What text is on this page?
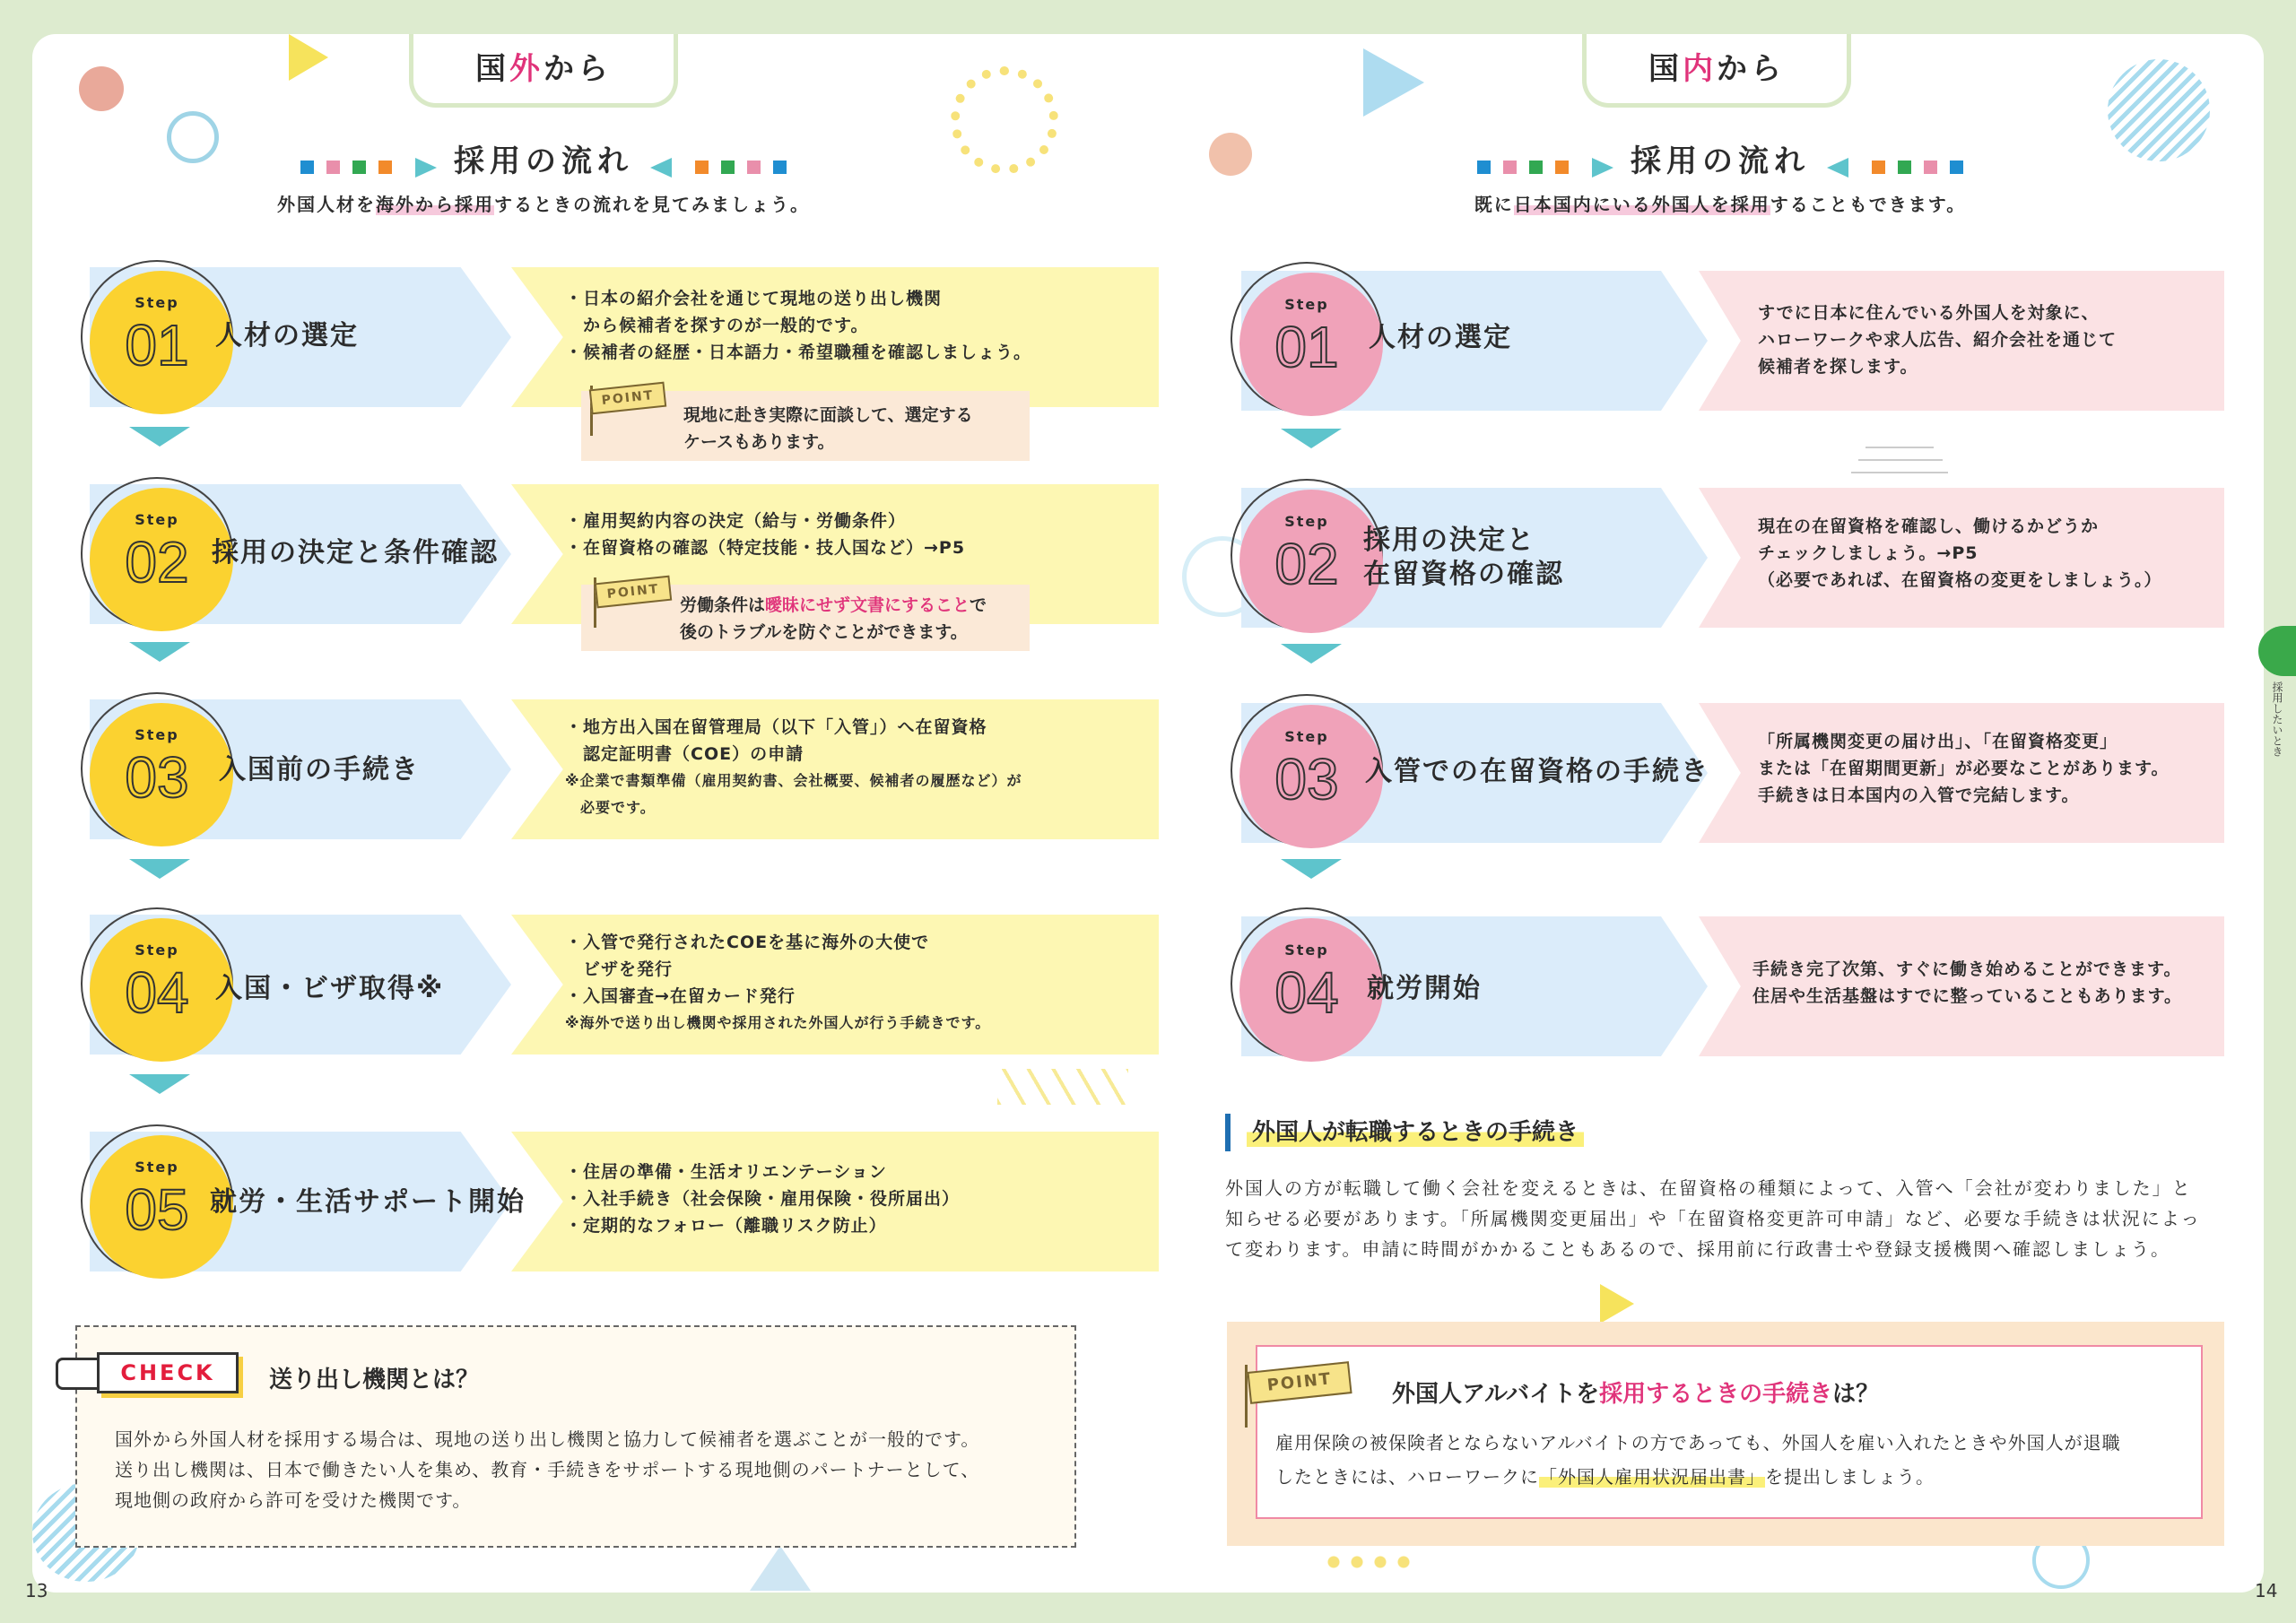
国外から
採用の流れ
外国人材を海外から採用するときの流れを見てみましょう。
Step
01 人材の選定
・日本の紹介会社を通じて現地の送り出し機関
　から候補者を探すのが一般的です。
・候補者の経歴・日本語力・希望職種を確認しましょう。
POINT
現地に赴き実際に面談して、選定する
ケースもあります。
Step
02 採用の決定と条件確認
・雇用契約内容の決定（給与・労働条件）
・在留資格の確認（特定技能・技人国など）→P5
POINT
労働条件は曖昧にせず文書にすることで
後のトラブルを防ぐことができます。
Step
03	入国前の手続き
・地方出入国在留管理局（以下「入管」）へ在留資格
　認定証明書（COE）の申請
※企業で書類準備（雇用契約書、会社概要、候補者の履歴など）が
　必要です。
Step
04 入国・ビザ取得※
・入管で発行されたCOEを基に海外の大使で
　ビザを発行
・入国審査→在留カード発行
※海外で送り出し機関や採用された外国人が行う手続きです。
Step
05 就労・生活サポート開始
・住居の準備・生活オリエンテーション
・入社手続き（社会保険・雇用保険・役所届出）
・定期的なフォロー（離職リスク防止）
CHECK	送り出し機関とは？
国外から外国人材を採用する場合は、現地の送り出し機関と協力して候補者を選ぶことが一般的です。
送り出し機関は、日本で働きたい人を集め、教育・手続きをサポートする現地側のパートナーとして、
現地側の政府から許可を受けた機関です。
13
国内から
採用の流れ
既に日本国内にいる外国人を採用することもできます。
Step
01	人材の選定
すでに日本に住んでいる外国人を対象に、
ハローワークや求人広告、紹介会社を通じて
候補者を探します。
Step
02 採用の決定と
在留資格の確認
現在の在留資格を確認し、働けるかどうか
チェックしましょう。→P5
（必要であれば、在留資格の変更をしましょう。）
Step
03 入管での在留資格の手続き
「所属機関変更の届け出」、「在留資格変更」
または「在留期間更新」が必要なことがあります。
手続きは日本国内の入管で完結します。
Step
04	就労開始
手続き完了次第、すぐに働き始めることができます。
住居や生活基盤はすでに整っていることもあります。
外国人が転職するときの手続き
外国人の方が転職して働く会社を変えるときは、在留資格の種類によって、入管へ「会社が変わりました」と
知らせる必要があります。「所属機関変更届出」や「在留資格変更許可申請」など、必要な手続きは状況によっ
て変わります。申請に時間がかかることもあるので、採用前に行政書士や登録支援機関へ確認しましょう。
POINT	外国人アルバイトを採用するときの手続きは？
雇用保険の被保険者とならないアルバイトの方であっても、外国人を雇い入れたときや外国人が退職
したときには、ハローワークに「外国人雇用状況届出書」を提出しましょう。
採用したいとき
14
